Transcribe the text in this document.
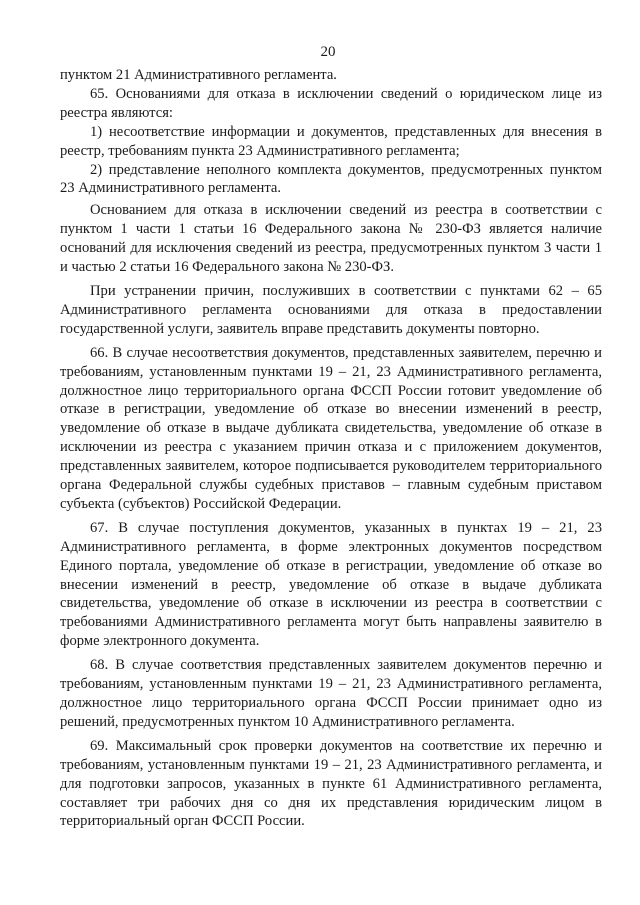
20

пунктом 21 Административного регламента.

65. Основаниями для отказа в исключении сведений о юридическом лице из реестра являются:

1) несоответствие информации и документов, представленных для внесения в реестр, требованиям пункта 23 Административного регламента;

2) представление неполного комплекта документов, предусмотренных пунктом 23 Административного регламента.

Основанием для отказа в исключении сведений из реестра в соответствии с пунктом 1 части 1 статьи 16 Федерального закона № 230-ФЗ является наличие оснований для исключения сведений из реестра, предусмотренных пунктом 3 части 1 и частью 2 статьи 16 Федерального закона № 230-ФЗ.

При устранении причин, послуживших в соответствии с пунктами 62 – 65 Административного регламента основаниями для отказа в предоставлении государственной услуги, заявитель вправе представить документы повторно.

66. В случае несоответствия документов, представленных заявителем, перечню и требованиям, установленным пунктами 19 – 21, 23 Административного регламента, должностное лицо территориального органа ФССП России готовит уведомление об отказе в регистрации, уведомление об отказе во внесении изменений в реестр, уведомление об отказе в выдаче дубликата свидетельства, уведомление об отказе в исключении из реестра с указанием причин отказа и с приложением документов, представленных заявителем, которое подписывается руководителем территориального органа Федеральной службы судебных приставов – главным судебным приставом субъекта (субъектов) Российской Федерации.

67. В случае поступления документов, указанных в пунктах 19 – 21, 23 Административного регламента, в форме электронных документов посредством Единого портала, уведомление об отказе в регистрации, уведомление об отказе во внесении изменений в реестр, уведомление об отказе в выдаче дубликата свидетельства, уведомление об отказе в исключении из реестра в соответствии с требованиями Административного регламента могут быть направлены заявителю в форме электронного документа.

68. В случае соответствия представленных заявителем документов перечню и требованиям, установленным пунктами 19 – 21, 23 Административного регламента, должностное лицо территориального органа ФССП России принимает одно из решений, предусмотренных пунктом 10 Административного регламента.

69. Максимальный срок проверки документов на соответствие их перечню и требованиям, установленным пунктами 19 – 21, 23 Административного регламента, и для подготовки запросов, указанных в пункте 61 Административного регламента, составляет три рабочих дня со дня их представления юридическим лицом в территориальный орган ФССП России.
